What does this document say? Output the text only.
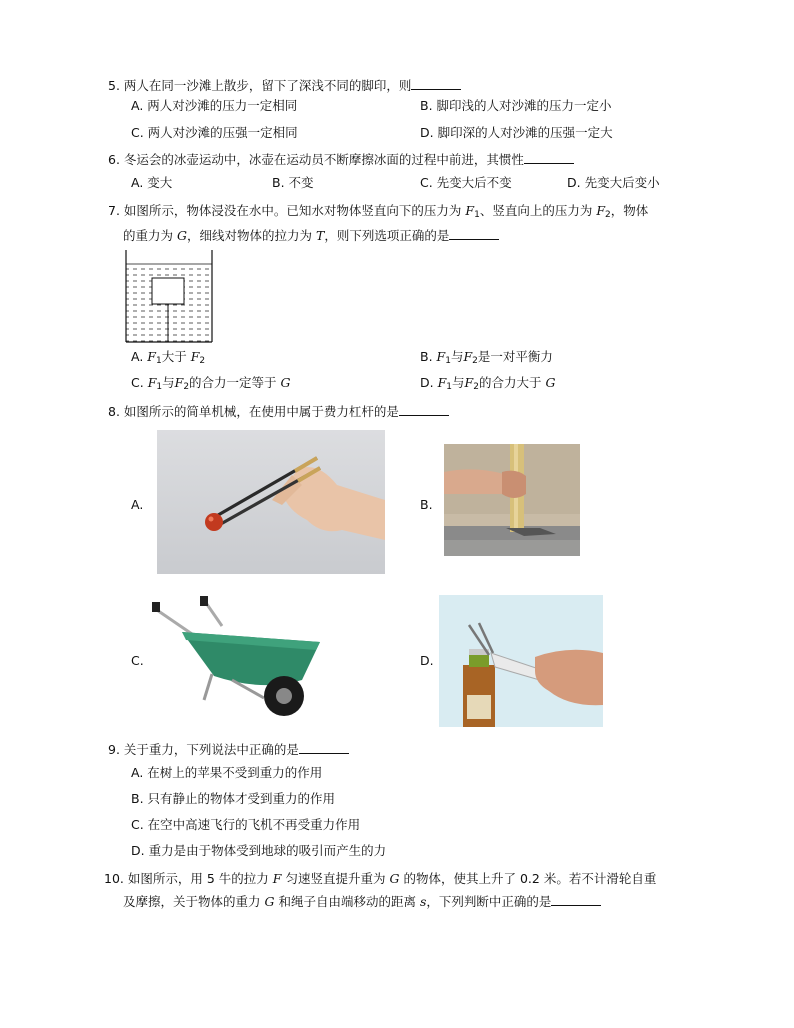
5. 两人在同一沙滩上散步，留下了深浅不同的脚印，则
A. 两人对沙滩的压力一定相同	B. 脚印浅的人对沙滩的压力一定小
C. 两人对沙滩的压强一定相同	D. 脚印深的人对沙滩的压强一定大
6. 冬运会的冰壶运动中，冰壶在运动员不断摩擦冰面的过程中前进，其惯性
A. 变大	B. 不变	C. 先变大后不变	D. 先变大后变小
7. 如图所示，物体浸没在水中。已知水对物体竖直向下的压力为 $F_1$、竖直向上的压力为 $F_2$，物体
的重力为 G，细线对物体的拉力为 T，则下列选项正确的是
A. $F_1$大于 $F_2$	B. $F_1$与$F_2$是一对平衡力
C. $F_1$与$F_2$的合力一定等于 G	D. $F_1$与$F_2$的合力大于 G
8. 如图所示的简单机械，在使用中属于费力杠杆的是
A.	B.
C.	D.
9. 关于重力，下列说法中正确的是
A. 在树上的苹果不受到重力的作用
B. 只有静止的物体才受到重力的作用
C. 在空中高速飞行的飞机不再受重力作用
D. 重力是由于物体受到地球的吸引而产生的力
10. 如图所示，用 5 牛的拉力 F 匀速竖直提升重为 G 的物体，使其上升了 0.2 米。若不计滑轮自重
及摩擦，关于物体的重力 G 和绳子自由端移动的距离 s，下列判断中正确的是
